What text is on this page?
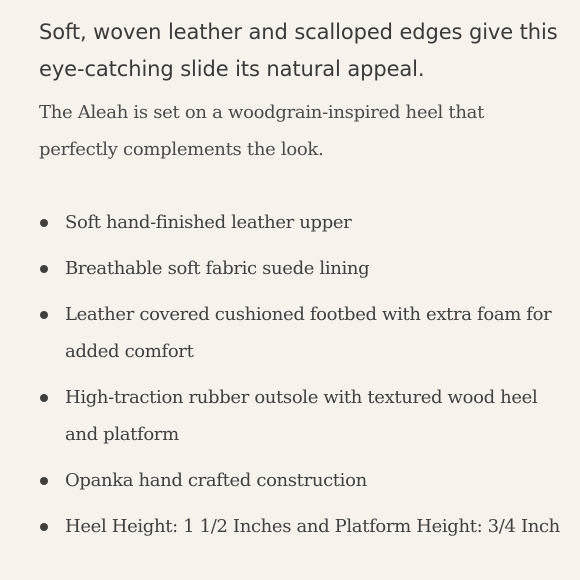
Soft, woven leather and scalloped edges give this eye-catching slide its natural appeal.

The Aleah is set on a woodgrain-inspired heel that perfectly complements the look.

Soft hand-finished leather upper
Breathable soft fabric suede lining
Leather covered cushioned footbed with extra foam for added comfort
High-traction rubber outsole with textured wood heel and platform
Opanka hand crafted construction
Heel Height: 1 1/2 Inches and Platform Height: 3/4 Inch
